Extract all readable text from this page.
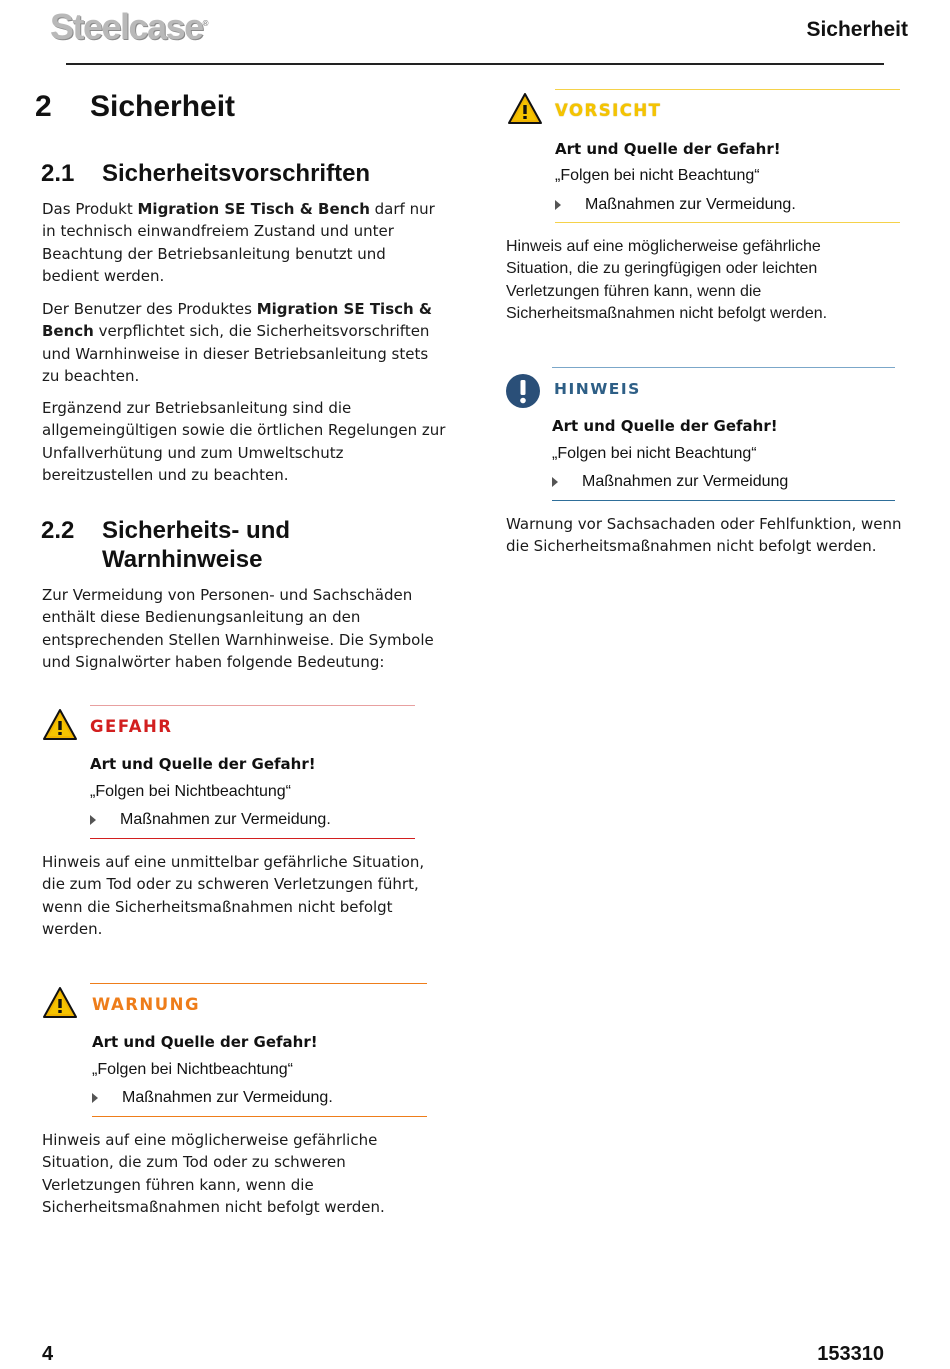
Steelcase®	Sicherheit
2 Sicherheit
2.1 Sicherheitsvorschriften
Das Produkt Migration SE Tisch & Bench darf nur in technisch einwandfreiem Zustand und unter Beachtung der Betriebsanleitung benutzt und bedient werden.
Der Benutzer des Produktes Migration SE Tisch & Bench verpflichtet sich, die Sicherheitsvorschriften und Warnhinweise in dieser Betriebsanleitung stets zu beachten.
Ergänzend zur Betriebsanleitung sind die allgemeingültigen sowie die örtlichen Regelungen zur Unfallverhütung und zum Umweltschutz bereitzustellen und zu beachten.
2.2 Sicherheits- und Warnhinweise
Zur Vermeidung von Personen- und Sachschäden enthält diese Bedienungsanleitung an den entsprechenden Stellen Warnhinweise. Die Symbole und Signalwörter haben folgende Bedeutung:
GEFAHR
Art und Quelle der Gefahr!
„Folgen bei Nichtbeachtung“
Maßnahmen zur Vermeidung.
Hinweis auf eine unmittelbar gefährliche Situation, die zum Tod oder zu schweren Verletzungen führt, wenn die Sicherheitsmaßnahmen nicht befolgt werden.
WARNUNG
Art und Quelle der Gefahr!
„Folgen bei Nichtbeachtung“
Maßnahmen zur Vermeidung.
Hinweis auf eine möglicherweise gefährliche Situation, die zum Tod oder zu schweren Verletzungen führen kann, wenn die Sicherheitsmaßnahmen nicht befolgt werden.
VORSICHT
Art und Quelle der Gefahr!
„Folgen bei nicht Beachtung“
Maßnahmen zur Vermeidung.
Hinweis auf eine möglicherweise gefährliche Situation, die zu geringfügigen oder leichten Verletzungen führen kann, wenn die Sicherheitsmaßnahmen nicht befolgt werden.
HINWEIS
Art und Quelle der Gefahr!
„Folgen bei nicht Beachtung“
Maßnahmen zur Vermeidung
Warnung vor Sachsachaden oder Fehlfunktion, wenn die Sicherheitsmaßnahmen nicht befolgt werden.
4	153310
